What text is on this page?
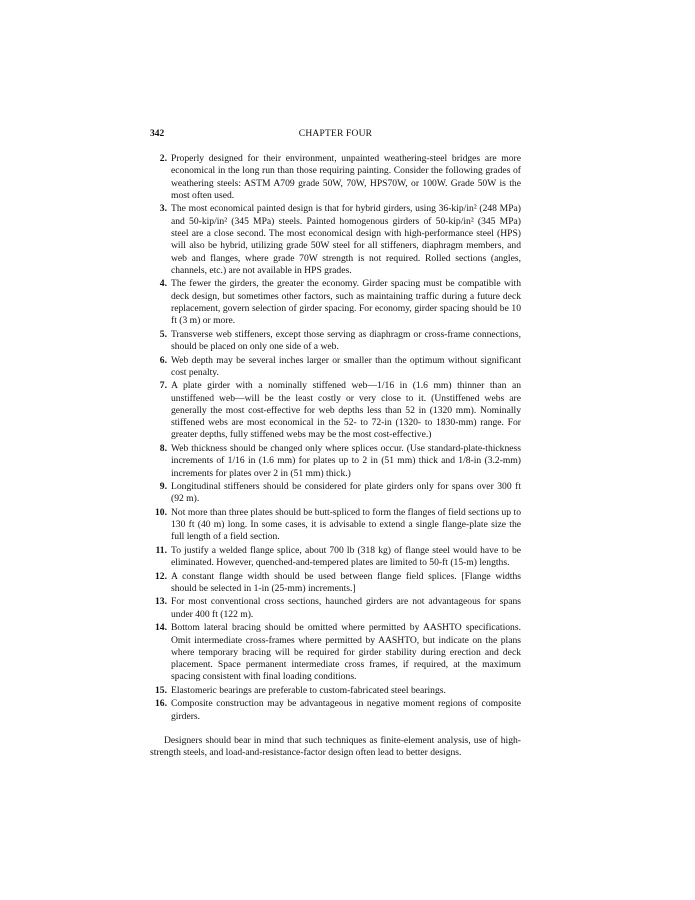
342	CHAPTER FOUR
2. Properly designed for their environment, unpainted weathering-steel bridges are more economical in the long run than those requiring painting. Consider the following grades of weathering steels: ASTM A709 grade 50W, 70W, HPS70W, or 100W. Grade 50W is the most often used.
3. The most economical painted design is that for hybrid girders, using 36-kip/in² (248 MPa) and 50-kip/in² (345 MPa) steels. Painted homogenous girders of 50-kip/in² (345 MPa) steel are a close second. The most economical design with high-performance steel (HPS) will also be hybrid, utilizing grade 50W steel for all stiffeners, diaphragm members, and web and flanges, where grade 70W strength is not required. Rolled sections (angles, channels, etc.) are not available in HPS grades.
4. The fewer the girders, the greater the economy. Girder spacing must be compatible with deck design, but sometimes other factors, such as maintaining traffic during a future deck replacement, govern selection of girder spacing. For economy, girder spacing should be 10 ft (3 m) or more.
5. Transverse web stiffeners, except those serving as diaphragm or cross-frame connections, should be placed on only one side of a web.
6. Web depth may be several inches larger or smaller than the optimum without significant cost penalty.
7. A plate girder with a nominally stiffened web—1/16 in (1.6 mm) thinner than an unstiffened web—will be the least costly or very close to it. (Unstiffened webs are generally the most cost-effective for web depths less than 52 in (1320 mm). Nominally stiffened webs are most economical in the 52- to 72-in (1320- to 1830-mm) range. For greater depths, fully stiffened webs may be the most cost-effective.)
8. Web thickness should be changed only where splices occur. (Use standard-plate-thickness increments of 1/16 in (1.6 mm) for plates up to 2 in (51 mm) thick and 1/8-in (3.2-mm) increments for plates over 2 in (51 mm) thick.)
9. Longitudinal stiffeners should be considered for plate girders only for spans over 300 ft (92 m).
10. Not more than three plates should be butt-spliced to form the flanges of field sections up to 130 ft (40 m) long. In some cases, it is advisable to extend a single flange-plate size the full length of a field section.
11. To justify a welded flange splice, about 700 lb (318 kg) of flange steel would have to be eliminated. However, quenched-and-tempered plates are limited to 50-ft (15-m) lengths.
12. A constant flange width should be used between flange field splices. [Flange widths should be selected in 1-in (25-mm) increments.]
13. For most conventional cross sections, haunched girders are not advantageous for spans under 400 ft (122 m).
14. Bottom lateral bracing should be omitted where permitted by AASHTO specifications. Omit intermediate cross-frames where permitted by AASHTO, but indicate on the plans where temporary bracing will be required for girder stability during erection and deck placement. Space permanent intermediate cross frames, if required, at the maximum spacing consistent with final loading conditions.
15. Elastomeric bearings are preferable to custom-fabricated steel bearings.
16. Composite construction may be advantageous in negative moment regions of composite girders.

Designers should bear in mind that such techniques as finite-element analysis, use of high-strength steels, and load-and-resistance-factor design often lead to better designs.
